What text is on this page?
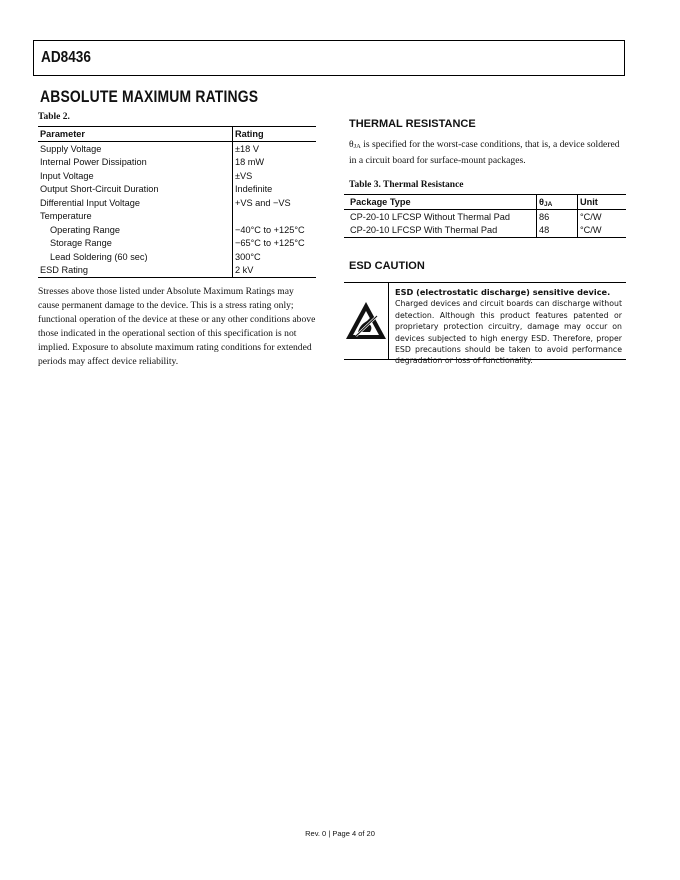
AD8436
ABSOLUTE MAXIMUM RATINGS
Table 2.
Parameter	Rating
Supply Voltage	±18 V
Internal Power Dissipation	18 mW
Input Voltage	±VS
Output Short-Circuit Duration	Indefinite
Differential Input Voltage	+VS and −VS
Temperature	
Operating Range	−40°C to +125°C
Storage Range	−65°C to +125°C
Lead Soldering (60 sec)	300°C
ESD Rating	2 kV

Stresses above those listed under Absolute Maximum Ratings may cause permanent damage to the device. This is a stress rating only; functional operation of the device at these or any other conditions above those indicated in the operational section of this specification is not implied. Exposure to absolute maximum rating conditions for extended periods may affect device reliability.

THERMAL RESISTANCE

θJA is specified for the worst-case conditions, that is, a device soldered in a circuit board for surface-mount packages.

Table 3. Thermal Resistance
Package Type	θJA	Unit
CP-20-10 LFCSP Without Thermal Pad	86	°C/W
CP-20-10 LFCSP With Thermal Pad	48	°C/W
ESD CAUTION
ESD (electrostatic discharge) sensitive device.
Charged devices and circuit boards can discharge without detection. Although this product features patented or proprietary protection circuitry, damage may occur on devices subjected to high energy ESD. Therefore, proper ESD precautions should be taken to avoid performance degradation or loss of functionality.
Rev. 0 | Page 4 of 20
